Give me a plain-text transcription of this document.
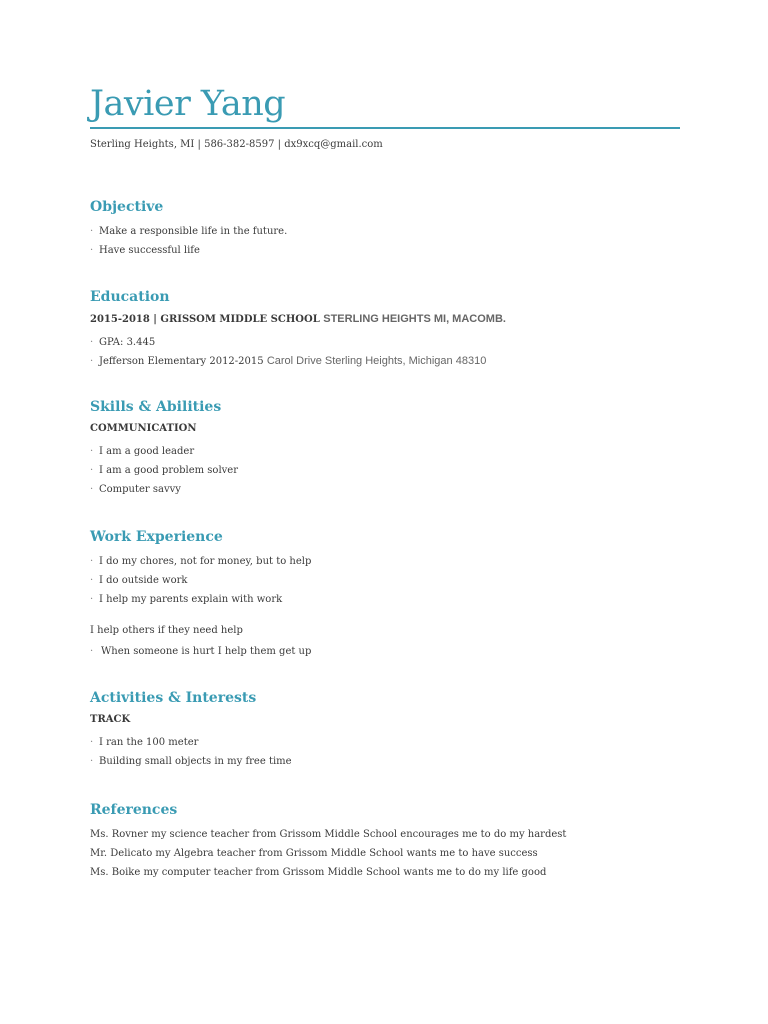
Javier Yang
Sterling Heights, MI | 586-382-8597 | dx9xcq@gmail.com
Objective
· Make a responsible life in the future.
· Have successful life
Education
2015-2018 | GRISSOM MIDDLE SCHOOL STERLING HEIGHTS MI, MACOMB.
· GPA: 3.445
· Jefferson Elementary 2012-2015 Carol Drive Sterling Heights, Michigan 48310
Skills & Abilities
COMMUNICATION
· I am a good leader
· I am a good problem solver
· Computer savvy
Work Experience
· I do my chores, not for money, but to help
· I do outside work
· I help my parents explain with work
I help others if they need help
· When someone is hurt I help them get up
Activities & Interests
TRACK
· I ran the 100 meter
· Building small objects in my free time
References
Ms. Rovner my science teacher from Grissom Middle School encourages me to do my hardest
Mr. Delicato my Algebra teacher from Grissom Middle School wants me to have success
Ms. Boike my computer teacher from Grissom Middle School wants me to do my life good
